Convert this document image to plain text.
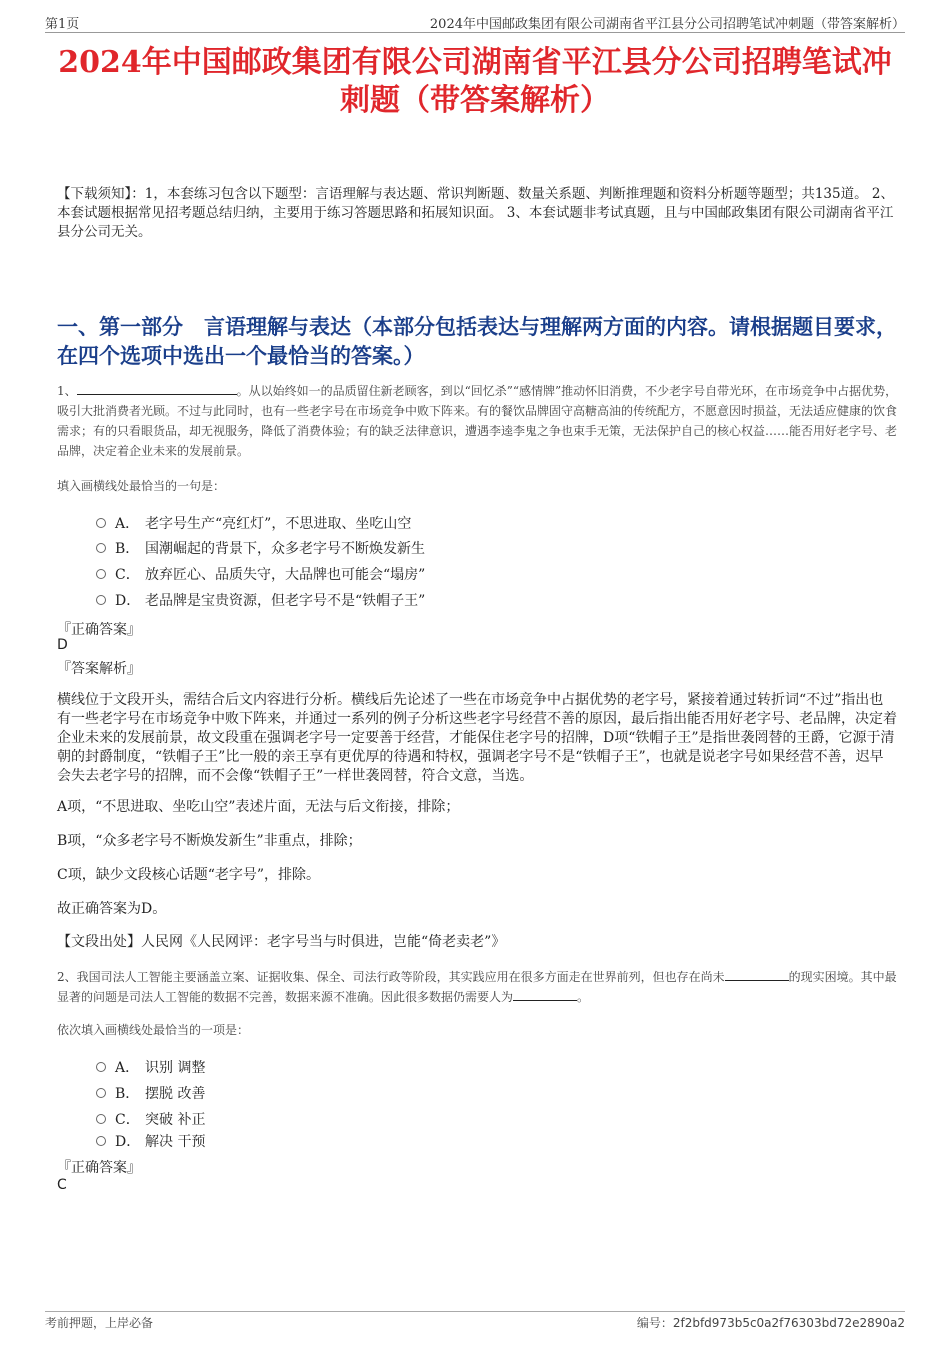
第1页	2024年中国邮政集团有限公司湖南省平江县分公司招聘笔试冲刺题（带答案解析）
2024年中国邮政集团有限公司湖南省平江县分公司招聘笔试冲刺题（带答案解析）

【下载须知】：1，本套练习包含以下题型：言语理解与表达题、常识判断题、数量关系题、判断推理题和资料分析题等题型；共135道。 2、本套试题根据常见招考题总结归纳，主要用于练习答题思路和拓展知识面。 3、本套试题非考试真题，且与中国邮政集团有限公司湖南省平江县分公司无关。

一、第一部分　言语理解与表达（本部分包括表达与理解两方面的内容。请根据题目要求，在四个选项中选出一个最恰当的答案。）

1、	。从以始终如一的品质留住新老顾客，到以“回忆杀”“感情牌”推动怀旧消费，不少老字号自带光环，在市场竞争中占据优势，吸引大批消费者光顾。不过与此同时，也有一些老字号在市场竞争中败下阵来。有的餐饮品牌固守高糖高油的传统配方，不愿意因时损益，无法适应健康的饮食需求；有的只看眼货品，却无视服务，降低了消费体验；有的缺乏法律意识，遭遇李逵李鬼之争也束手无策，无法保护自己的核心权益……能否用好老字号、老品牌，决定着企业未来的发展前景。

填入画横线处最恰当的一句是：
A． 老字号生产“亮红灯”，不思进取、坐吃山空
B． 国潮崛起的背景下，众多老字号不断焕发新生
C． 放弃匠心、品质失守，大品牌也可能会“塌房”
D． 老品牌是宝贵资源，但老字号不是“铁帽子王”
『正确答案』
D
『答案解析』

横线位于文段开头，需结合后文内容进行分析。横线后先论述了一些在市场竞争中占据优势的老字号，紧接着通过转折词“不过”指出也有一些老字号在市场竞争中败下阵来，并通过一系列的例子分析这些老字号经营不善的原因，最后指出能否用好老字号、老品牌，决定着企业未来的发展前景，故文段重在强调老字号一定要善于经营，才能保住老字号的招牌，D项“铁帽子王”是指世袭罔替的王爵，它源于清朝的封爵制度，“铁帽子王”比一般的亲王享有更优厚的待遇和特权，强调老字号不是“铁帽子王”，也就是说老字号如果经营不善，迟早会失去老字号的招牌，而不会像“铁帽子王”一样世袭罔替，符合文意，当选。

A项，“不思进取、坐吃山空”表述片面，无法与后文衔接，排除；

B项，“众多老字号不断焕发新生”非重点，排除；

C项，缺少文段核心话题“老字号”，排除。

故正确答案为D。

【文段出处】人民网《人民网评：老字号当与时俱进，岂能“倚老卖老”》

2、我国司法人工智能主要涵盖立案、证据收集、保全、司法行政等阶段，其实践应用在很多方面走在世界前列，但也存在尚未	的现实困境。其中最显著的问题是司法人工智能的数据不完善，数据来源不准确。因此很多数据仍需要人为	。

依次填入画横线处最恰当的一项是：
A． 识别 调整
B． 摆脱 改善
C． 突破 补正
D． 解决 干预
『正确答案』
C
考前押题，上岸必备	编号：2f2bfd973b5c0a2f76303bd72e2890a2
